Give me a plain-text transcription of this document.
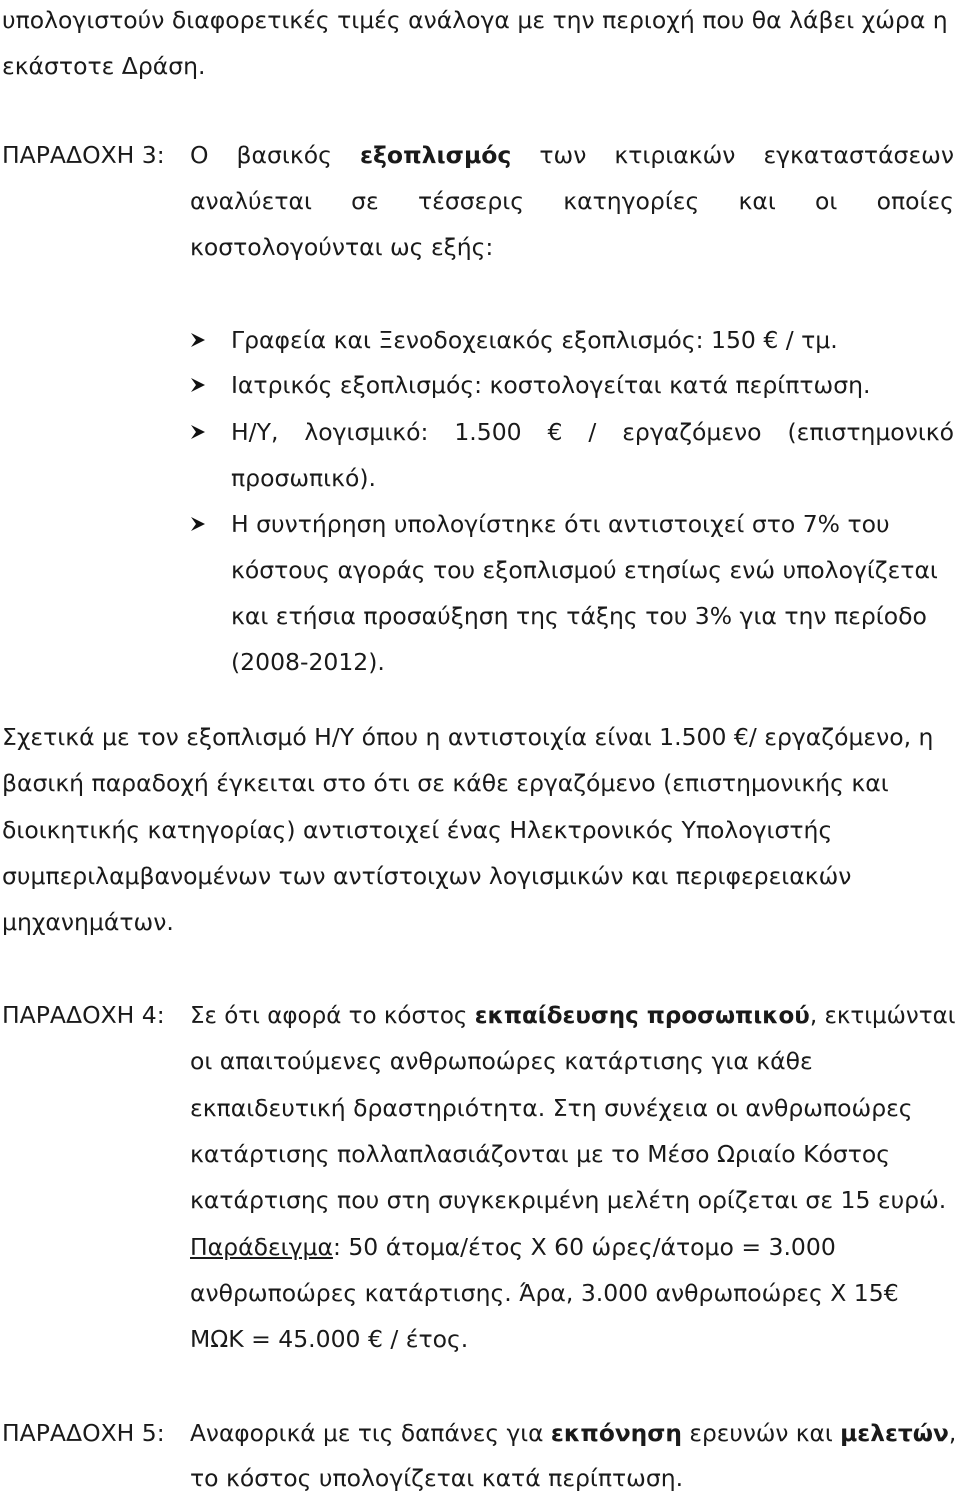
υπολογιστούν διαφορετικές τιμές ανάλογα με την περιοχή που θα λάβει χώρα η
εκάστοτε Δράση.
ΠΑΡΑΔΟΧΗ 3: Ο βασικός εξοπλισμός των κτιριακών εγκαταστάσεων
αναλύεται σε τέσσερις κατηγορίες και οι οποίες
κοστολογούνται ως εξής:
Γραφεία και Ξενοδοχειακός εξοπλισμός: 150 € / τμ.
Ιατρικός εξοπλισμός: κοστολογείται κατά περίπτωση.
Η/Υ, λογισμικό: 1.500 € / εργαζόμενο (επιστημονικό
προσωπικό).
Η συντήρηση υπολογίστηκε ότι αντιστοιχεί στο 7% του
κόστους αγοράς του εξοπλισμού ετησίως ενώ υπολογίζεται
και ετήσια προσαύξηση της τάξης του 3% για την περίοδο
(2008-2012).
Σχετικά με τον εξοπλισμό Η/Υ όπου η αντιστοιχία είναι 1.500 €/ εργαζόμενο, η
βασική παραδοχή έγκειται στο ότι σε κάθε εργαζόμενο (επιστημονικής και
διοικητικής κατηγορίας) αντιστοιχεί ένας Ηλεκτρονικός Υπολογιστής
συμπεριλαμβανομένων των αντίστοιχων λογισμικών και περιφερειακών
μηχανημάτων.
ΠΑΡΑΔΟΧΗ 4: Σε ότι αφορά το κόστος εκπαίδευσης προσωπικού, εκτιμώνται
οι απαιτούμενες ανθρωποώρες κατάρτισης για κάθε
εκπαιδευτική δραστηριότητα. Στη συνέχεια οι ανθρωποώρες
κατάρτισης πολλαπλασιάζονται με το Μέσο Ωριαίο Κόστος
κατάρτισης που στη συγκεκριμένη μελέτη ορίζεται σε 15 ευρώ.
Παράδειγμα: 50 άτομα/έτος Χ 60 ώρες/άτομο = 3.000
ανθρωποώρες κατάρτισης. Άρα, 3.000 ανθρωποώρες Χ 15€
ΜΩΚ = 45.000 € / έτος.
ΠΑΡΑΔΟΧΗ 5: Αναφορικά με τις δαπάνες για εκπόνηση ερευνών και μελετών,
το κόστος υπολογίζεται κατά περίπτωση.
